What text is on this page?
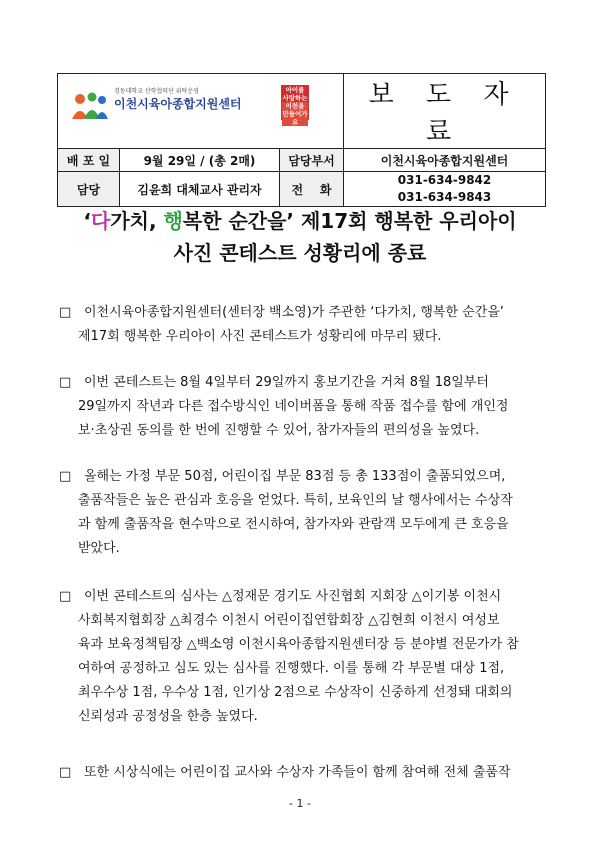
경동대학교 산학협력단 위탁운영
이천시육아종합지원센터
아이를 사랑하는
이천을 만들어가요			보 도 자 료
배 포 일	9월 29일 / (총 2매)	담당부서	이천시육아종합지원센터
담당	김윤희 대체교사 관리자	전    화	031-634-9842
031-634-9843
‘다가치, 행복한 순간을’ 제17회 행복한 우리아이
사진 콘테스트 성황리에 종료
□ 이천시육아종합지원센터(센터장 백소영)가 주관한 ‘다가치, 행복한 순간을’
제17회 행복한 우리아이 사진 콘테스트가 성황리에 마무리 됐다.
□ 이번 콘테스트는 8월 4일부터 29일까지 홍보기간을 거쳐 8월 18일부터
29일까지 작년과 다른 접수방식인 네이버폼을 통해 작품 접수를 함에 개인정
보·초상권 동의를 한 번에 진행할 수 있어, 참가자들의 편의성을 높였다.
□ 올해는 가정 부문 50점, 어린이집 부문 83점 등 총 133점이 출품되었으며,
출품작들은 높은 관심과 호응을 얻었다. 특히, 보육인의 날 행사에서는 수상작
과 함께 출품작을 현수막으로 전시하여, 참가자와 관람객 모두에게 큰 호응을
받았다.
□ 이번 콘테스트의 심사는 △정재문 경기도 사진협회 지회장 △이기봉 이천시
사회복지협회장 △최경수 이천시 어린이집연합회장 △김현희 이천시 여성보
육과 보육정책팀장 △백소영 이천시육아종합지원센터장 등 분야별 전문가가 참
여하여 공정하고 심도 있는 심사를 진행했다. 이를 통해 각 부문별 대상 1점,
최우수상 1점, 우수상 1점, 인기상 2점으로 수상작이 신중하게 선정돼 대회의
신뢰성과 공정성을 한층 높였다.
□ 또한 시상식에는 어린이집 교사와 수상자 가족들이 함께 참여해 전체 출품작
- 1 -
